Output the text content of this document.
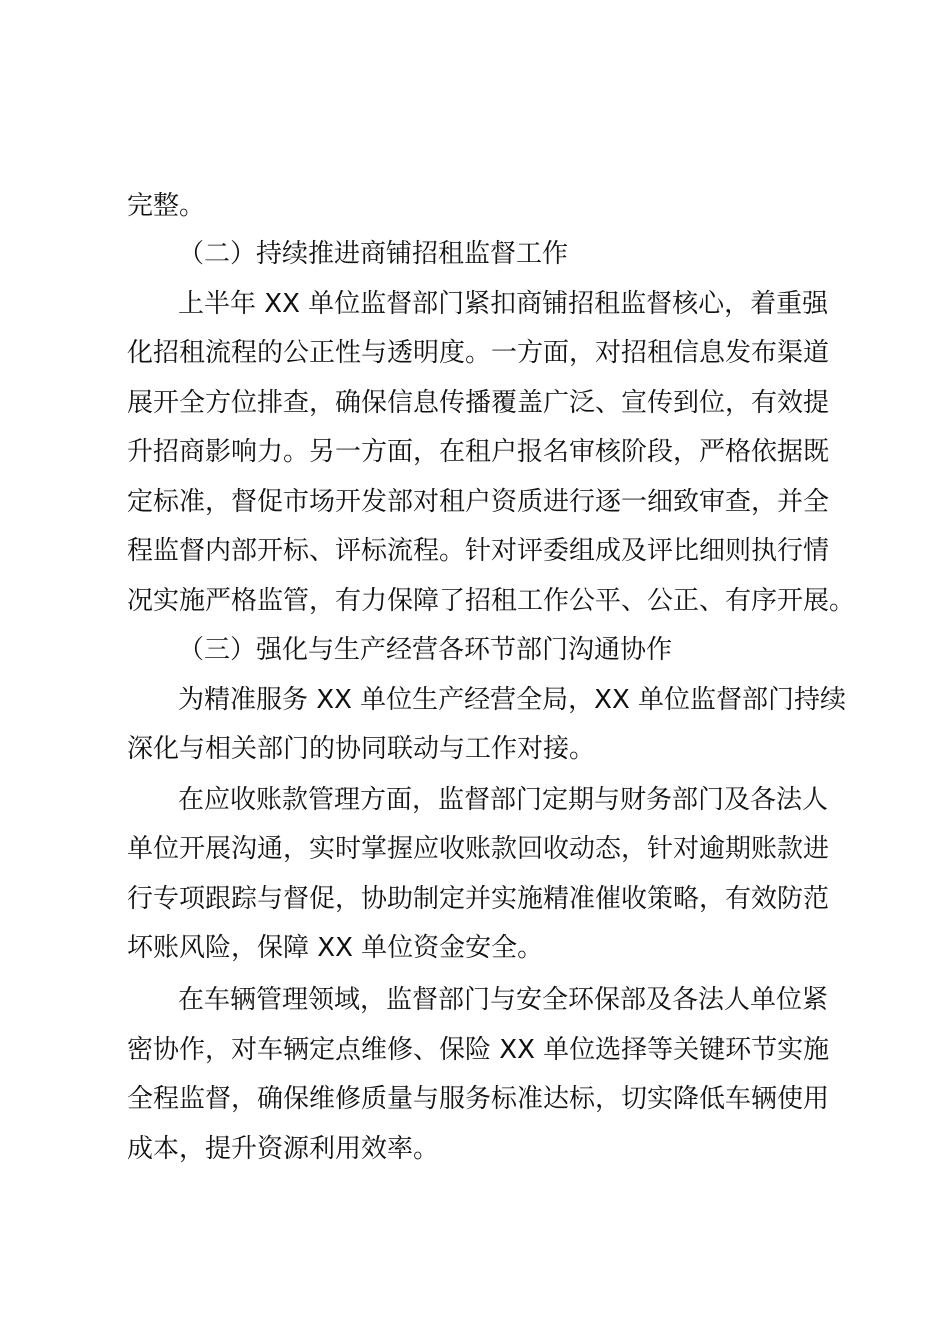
完整。
（二）持续推进商铺招租监督工作
上半年 XX 单位监督部门紧扣商铺招租监督核心，着重强
化招租流程的公正性与透明度。一方面，对招租信息发布渠道
展开全方位排查，确保信息传播覆盖广泛、宣传到位，有效提
升招商影响力。另一方面，在租户报名审核阶段，严格依据既
定标准，督促市场开发部对租户资质进行逐一细致审查，并全
程监督内部开标、评标流程。针对评委组成及评比细则执行情
况实施严格监管，有力保障了招租工作公平、公正、有序开展。
（三）强化与生产经营各环节部门沟通协作
为精准服务 XX 单位生产经营全局，XX 单位监督部门持续
深化与相关部门的协同联动与工作对接。
在应收账款管理方面，监督部门定期与财务部门及各法人
单位开展沟通，实时掌握应收账款回收动态，针对逾期账款进
行专项跟踪与督促，协助制定并实施精准催收策略，有效防范
坏账风险，保障 XX 单位资金安全。
在车辆管理领域，监督部门与安全环保部及各法人单位紧
密协作，对车辆定点维修、保险 XX 单位选择等关键环节实施
全程监督，确保维修质量与服务标准达标，切实降低车辆使用
成本，提升资源利用效率。
